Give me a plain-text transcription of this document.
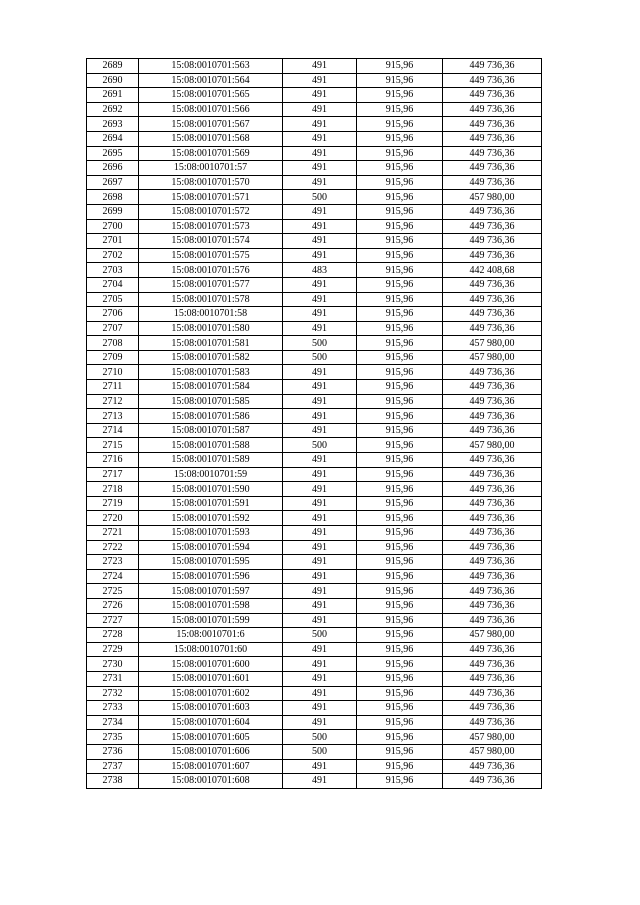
2689	15:08:0010701:563	491	915,96	449 736,36
2690	15:08:0010701:564	491	915,96	449 736,36
2691	15:08:0010701:565	491	915,96	449 736,36
2692	15:08:0010701:566	491	915,96	449 736,36
2693	15:08:0010701:567	491	915,96	449 736,36
2694	15:08:0010701:568	491	915,96	449 736,36
2695	15:08:0010701:569	491	915,96	449 736,36
2696	15:08:0010701:57	491	915,96	449 736,36
2697	15:08:0010701:570	491	915,96	449 736,36
2698	15:08:0010701:571	500	915,96	457 980,00
2699	15:08:0010701:572	491	915,96	449 736,36
2700	15:08:0010701:573	491	915,96	449 736,36
2701	15:08:0010701:574	491	915,96	449 736,36
2702	15:08:0010701:575	491	915,96	449 736,36
2703	15:08:0010701:576	483	915,96	442 408,68
2704	15:08:0010701:577	491	915,96	449 736,36
2705	15:08:0010701:578	491	915,96	449 736,36
2706	15:08:0010701:58	491	915,96	449 736,36
2707	15:08:0010701:580	491	915,96	449 736,36
2708	15:08:0010701:581	500	915,96	457 980,00
2709	15:08:0010701:582	500	915,96	457 980,00
2710	15:08:0010701:583	491	915,96	449 736,36
2711	15:08:0010701:584	491	915,96	449 736,36
2712	15:08:0010701:585	491	915,96	449 736,36
2713	15:08:0010701:586	491	915,96	449 736,36
2714	15:08:0010701:587	491	915,96	449 736,36
2715	15:08:0010701:588	500	915,96	457 980,00
2716	15:08:0010701:589	491	915,96	449 736,36
2717	15:08:0010701:59	491	915,96	449 736,36
2718	15:08:0010701:590	491	915,96	449 736,36
2719	15:08:0010701:591	491	915,96	449 736,36
2720	15:08:0010701:592	491	915,96	449 736,36
2721	15:08:0010701:593	491	915,96	449 736,36
2722	15:08:0010701:594	491	915,96	449 736,36
2723	15:08:0010701:595	491	915,96	449 736,36
2724	15:08:0010701:596	491	915,96	449 736,36
2725	15:08:0010701:597	491	915,96	449 736,36
2726	15:08:0010701:598	491	915,96	449 736,36
2727	15:08:0010701:599	491	915,96	449 736,36
2728	15:08:0010701:6	500	915,96	457 980,00
2729	15:08:0010701:60	491	915,96	449 736,36
2730	15:08:0010701:600	491	915,96	449 736,36
2731	15:08:0010701:601	491	915,96	449 736,36
2732	15:08:0010701:602	491	915,96	449 736,36
2733	15:08:0010701:603	491	915,96	449 736,36
2734	15:08:0010701:604	491	915,96	449 736,36
2735	15:08:0010701:605	500	915,96	457 980,00
2736	15:08:0010701:606	500	915,96	457 980,00
2737	15:08:0010701:607	491	915,96	449 736,36
2738	15:08:0010701:608	491	915,96	449 736,36
